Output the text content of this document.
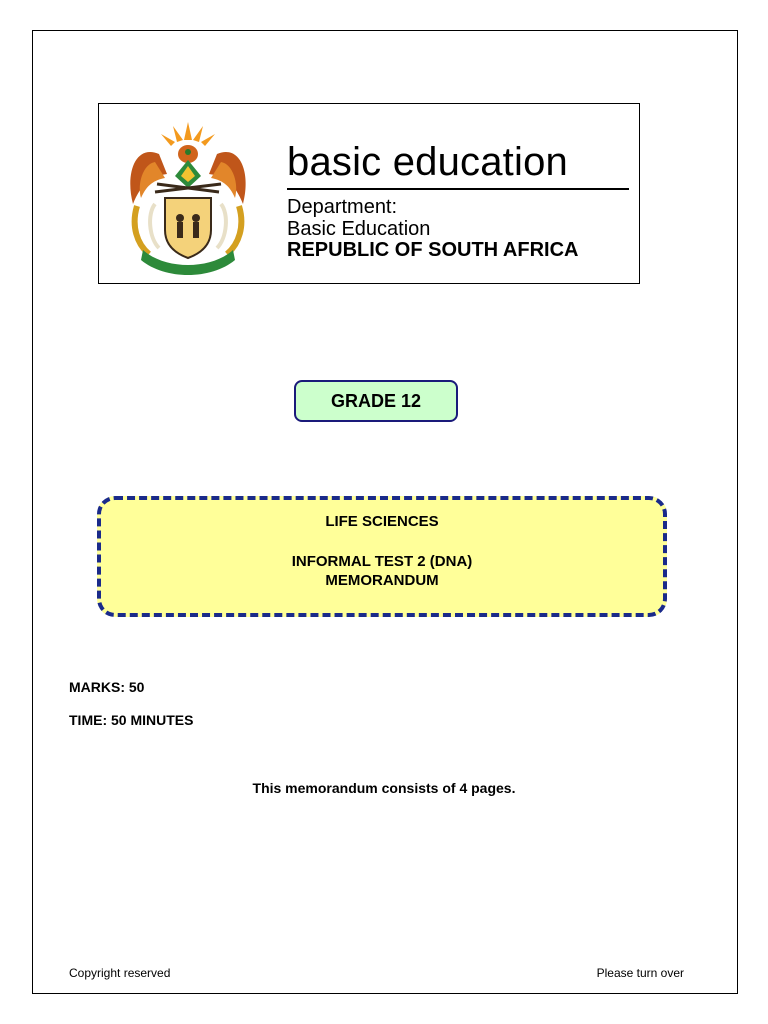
basic education
Department:
Basic Education
REPUBLIC OF SOUTH AFRICA
GRADE 12
LIFE SCIENCES
INFORMAL TEST 2 (DNA)
MEMORANDUM
MARKS: 50
TIME: 50 MINUTES
This memorandum consists of 4 pages.
Copyright reserved	Please turn over
